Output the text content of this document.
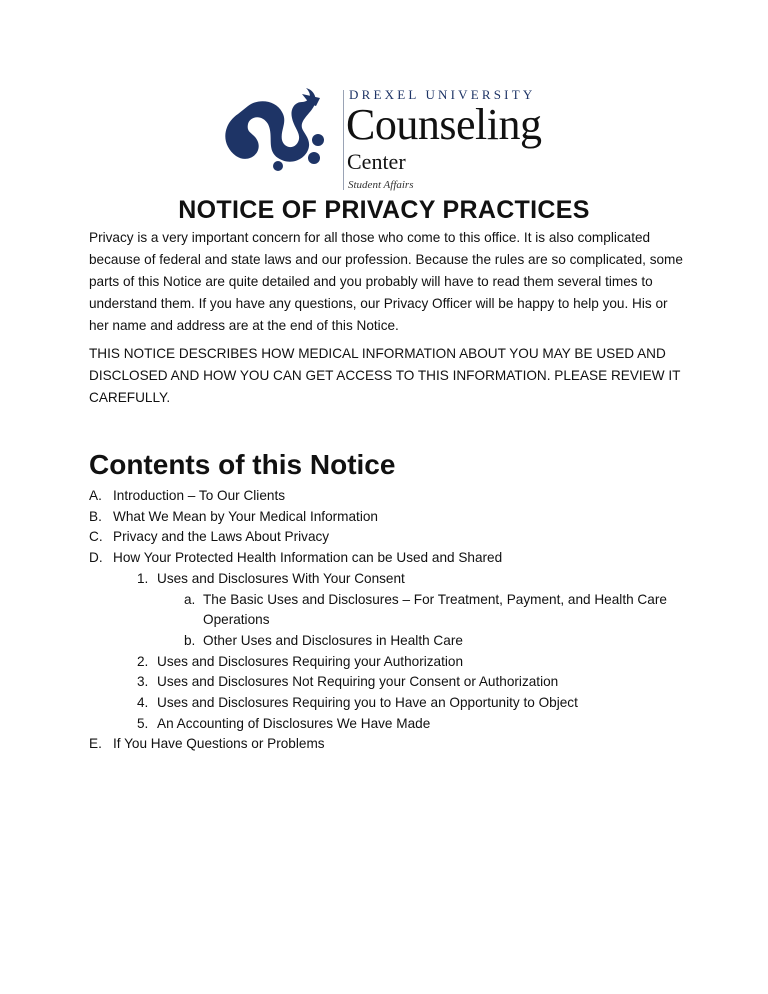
DREXEL UNIVERSITY
Counseling
Center
Student Affairs
NOTICE OF PRIVACY PRACTICES
Privacy is a very important concern for all those who come to this office. It is also complicated because of federal and state laws and our profession. Because the rules are so complicated, some parts of this Notice are quite detailed and you probably will have to read them several times to understand them. If you have any questions, our Privacy Officer will be happy to help you. His or her name and address are at the end of this Notice.
THIS NOTICE DESCRIBES HOW MEDICAL INFORMATION ABOUT YOU MAY BE USED AND DISCLOSED AND HOW YOU CAN GET ACCESS TO THIS INFORMATION. PLEASE REVIEW IT CAREFULLY.
Contents of this Notice
A. Introduction – To Our Clients
B. What We Mean by Your Medical Information
C. Privacy and the Laws About Privacy
D. How Your Protected Health Information can be Used and Shared
1. Uses and Disclosures With Your Consent
a. The Basic Uses and Disclosures – For Treatment, Payment, and Health Care
Operations
b. Other Uses and Disclosures in Health Care
2. Uses and Disclosures Requiring your Authorization
3. Uses and Disclosures Not Requiring your Consent or Authorization
4. Uses and Disclosures Requiring you to Have an Opportunity to Object
5. An Accounting of Disclosures We Have Made
E. If You Have Questions or Problems
